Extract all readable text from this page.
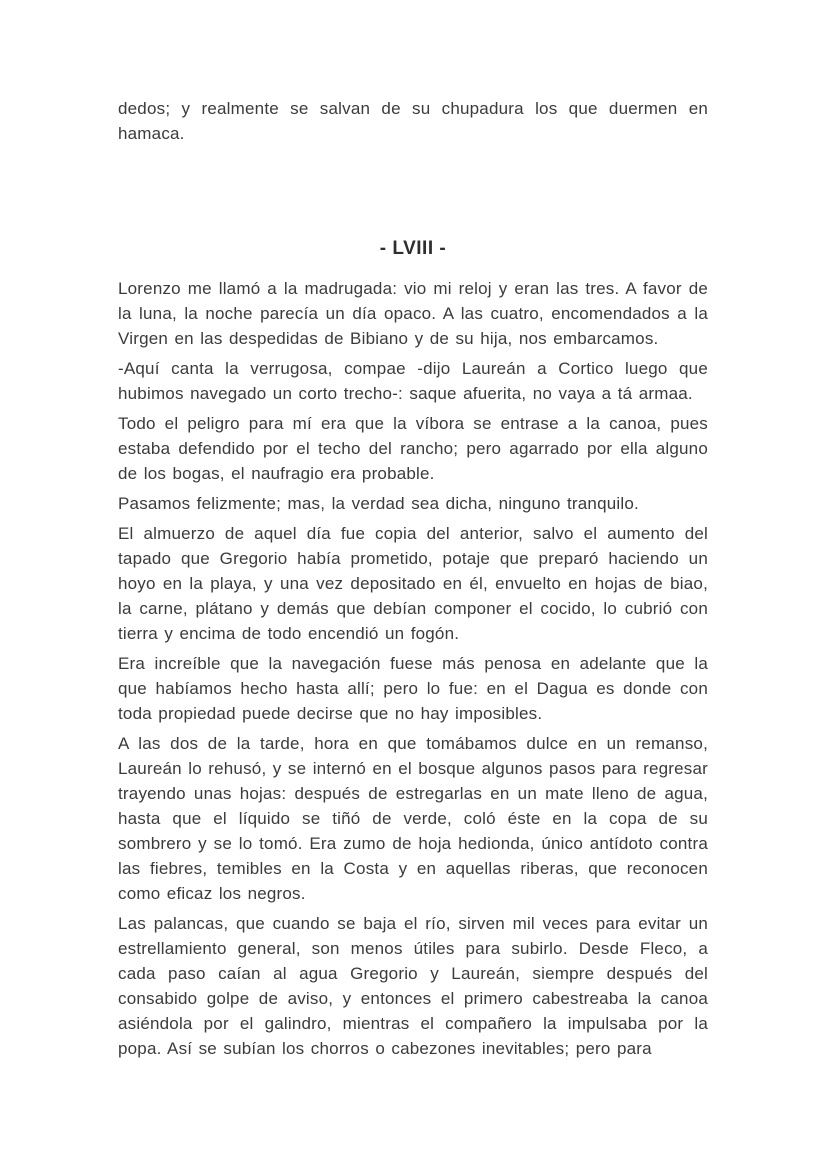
dedos; y realmente se salvan de su chupadura los que duermen en hamaca.

- LVIII -

Lorenzo me llamó a la madrugada: vio mi reloj y eran las tres. A favor de la luna, la noche parecía un día opaco. A las cuatro, encomendados a la Virgen en las despedidas de Bibiano y de su hija, nos embarcamos.

-Aquí canta la verrugosa, compae -dijo Laureán a Cortico luego que hubimos navegado un corto trecho-: saque afuerita, no vaya a tá armaa.

Todo el peligro para mí era que la víbora se entrase a la canoa, pues estaba defendido por el techo del rancho; pero agarrado por ella alguno de los bogas, el naufragio era probable.

Pasamos felizmente; mas, la verdad sea dicha, ninguno tranquilo.

El almuerzo de aquel día fue copia del anterior, salvo el aumento del tapado que Gregorio había prometido, potaje que preparó haciendo un hoyo en la playa, y una vez depositado en él, envuelto en hojas de biao, la carne, plátano y demás que debían componer el cocido, lo cubrió con tierra y encima de todo encendió un fogón.

Era increíble que la navegación fuese más penosa en adelante que la que habíamos hecho hasta allí; pero lo fue: en el Dagua es donde con toda propiedad puede decirse que no hay imposibles.

A las dos de la tarde, hora en que tomábamos dulce en un remanso, Laureán lo rehusó, y se internó en el bosque algunos pasos para regresar trayendo unas hojas: después de estregarlas en un mate lleno de agua, hasta que el líquido se tiñó de verde, coló éste en la copa de su sombrero y se lo tomó. Era zumo de hoja hedionda, único antídoto contra las fiebres, temibles en la Costa y en aquellas riberas, que reconocen como eficaz los negros.

Las palancas, que cuando se baja el río, sirven mil veces para evitar un estrellamiento general, son menos útiles para subirlo. Desde Fleco, a cada paso caían al agua Gregorio y Laureán, siempre después del consabido golpe de aviso, y entonces el primero cabestreaba la canoa asiéndola por el galindro, mientras el compañero la impulsaba por la popa. Así se subían los chorros o cabezones inevitables; pero para
